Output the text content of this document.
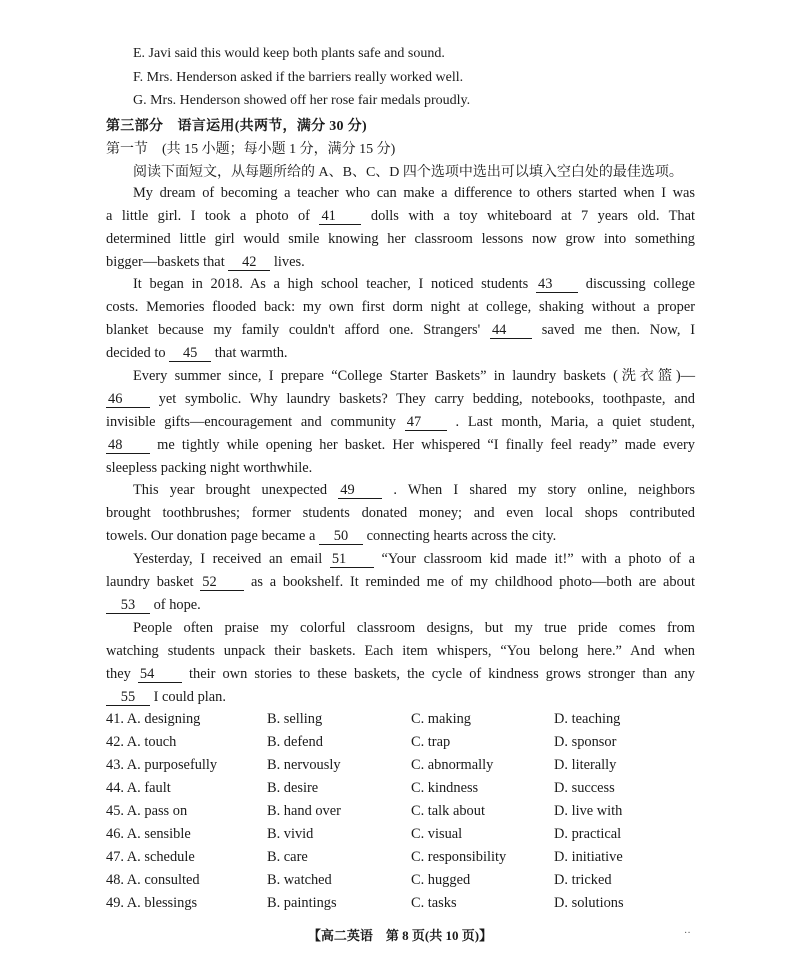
E. Javi said this would keep both plants safe and sound.
F. Mrs. Henderson asked if the barriers really worked well.
G. Mrs. Henderson showed off her rose fair medals proudly.
第三部分　语言运用(共两节，满分 30 分)
第一节　(共 15 小题；每小题 1 分，满分 15 分)
阅读下面短文，从每题所给的 A、B、C、D 四个选项中选出可以填入空白处的最佳选项。
My dream of becoming a teacher who can make a difference to others started when I was
a little girl. I took a photo of 41 dolls with a toy whiteboard at 7 years old. That
determined little girl would smile knowing her classroom lessons now grow into something
bigger—baskets that 42 lives.
It began in 2018. As a high school teacher, I noticed students 43 discussing college
costs. Memories flooded back: my own first dorm night at college, shaking without a proper
blanket because my family couldn't afford one. Strangers' 44 saved me then. Now, I
decided to 45 that warmth.
Every summer since, I prepare “College Starter Baskets” in laundry baskets (洗衣篮)—
46	yet symbolic. Why laundry baskets? They carry bedding, notebooks, toothpaste, and
invisible gifts—encouragement and community 47 . Last month, Maria, a quiet student,
48 me tightly while opening her basket. Her whispered “I finally feel ready” made every
sleepless packing night worthwhile.
This year brought unexpected 49	. When I shared my story online, neighbors
brought toothbrushes; former students donated money; and even local shops contributed
towels. Our donation page became a 50 connecting hearts across the city.
Yesterday, I received an email 51 “Your classroom kid made it!” with a photo of a
laundry basket 52 as a bookshelf. It reminded me of my childhood photo—both are about
53 of hope.
People often praise my colorful classroom designs, but my true pride comes from
watching students unpack their baskets. Each item whispers, “You belong here.” And when
they 54 their own stories to these baskets, the cycle of kindness grows stronger than any
55 I could plan.
41. A. designing	B. selling	C. making	D. teaching
42. A. touch	B. defend	C. trap	D. sponsor
43. A. purposefully	B. nervously	C. abnormally	D. literally
44. A. fault	B. desire	C. kindness	D. success
45. A. pass on	B. hand over	C. talk about	D. live with
46. A. sensible	B. vivid	C. visual	D. practical
47. A. schedule	B. care	C. responsibility	D. initiative
48. A. consulted	B. watched	C. hugged	D. tricked
49. A. blessings	B. paintings	C. tasks	D. solutions
【高二英语　第 8 页(共 10 页)】	··
